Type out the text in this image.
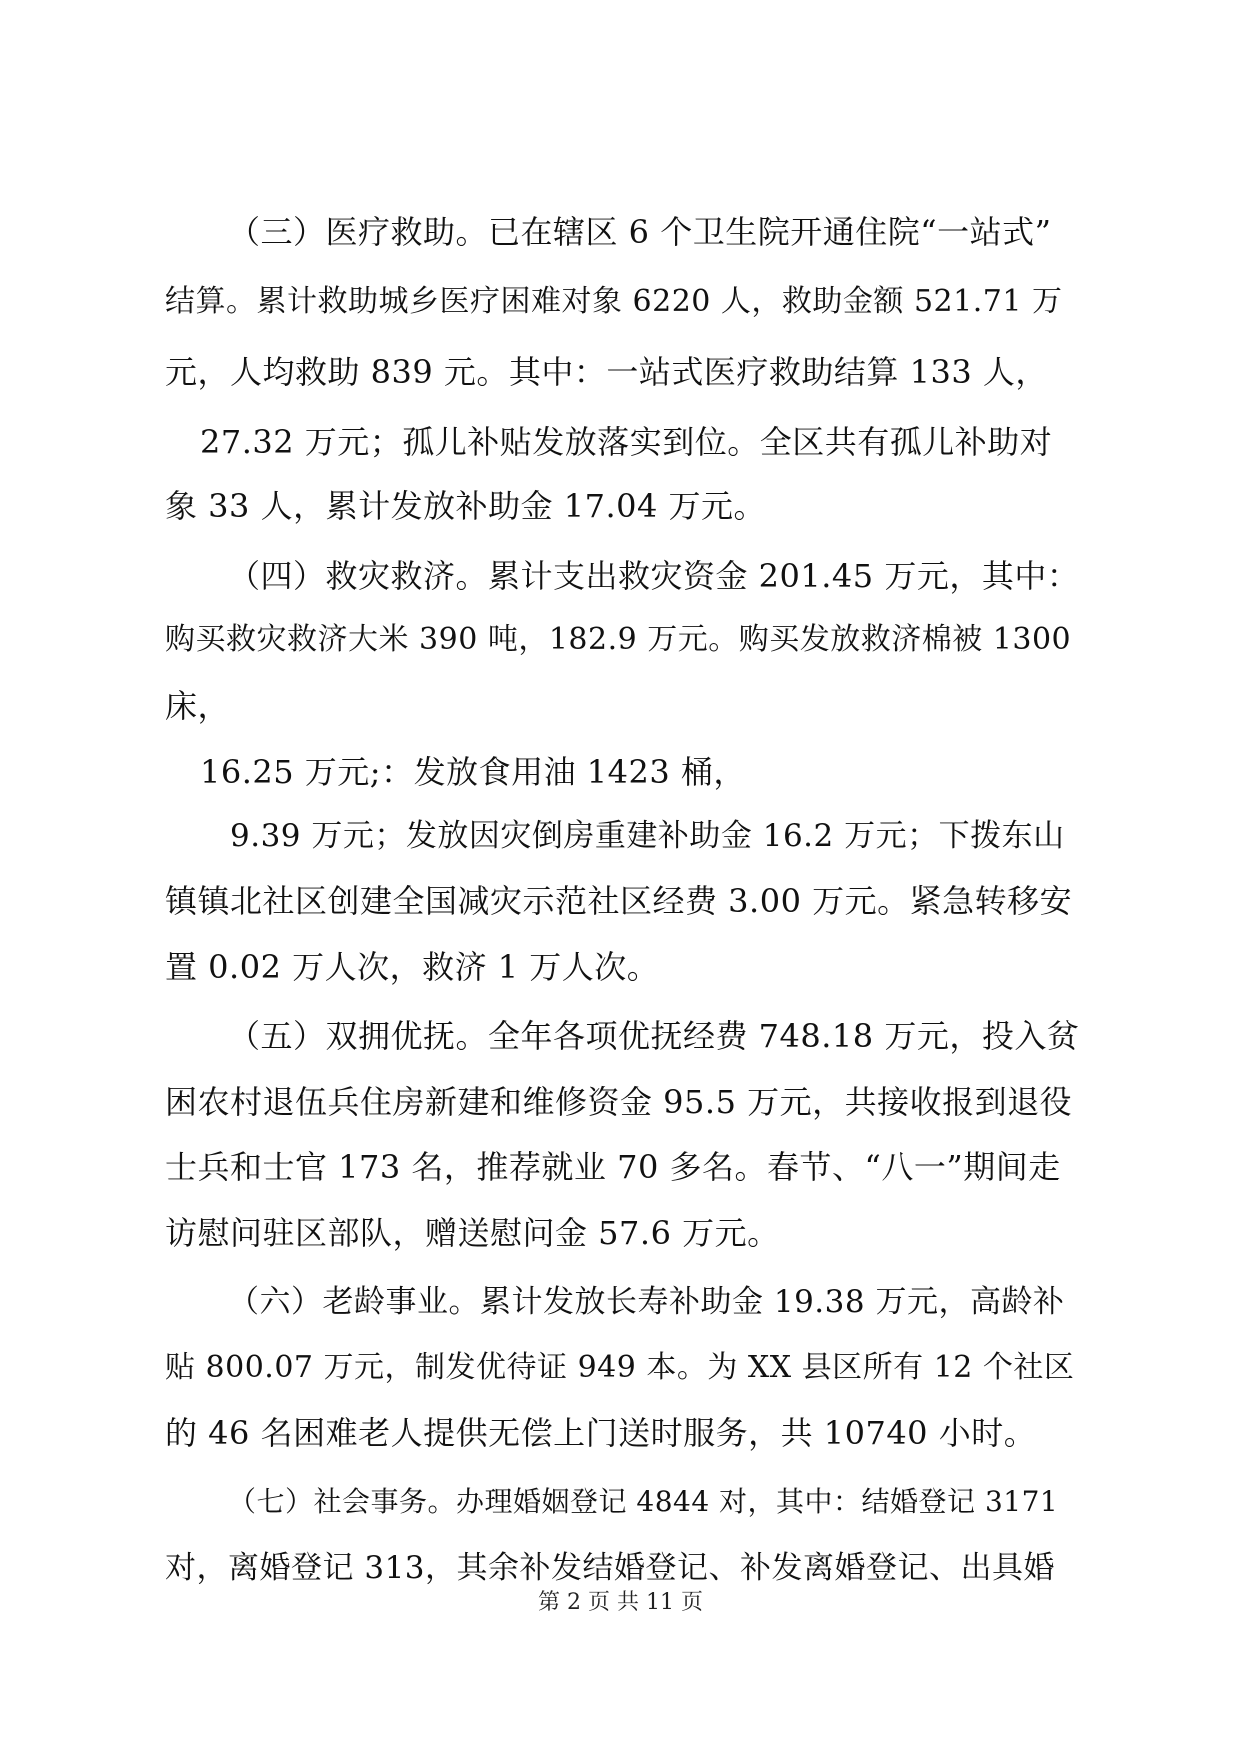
（三）医疗救助。已在辖区 6 个卫生院开通住院“一站式”
结算。累计救助城乡医疗困难对象 6220 人，救助金额 521.71 万
元，人均救助 839 元。其中：一站式医疗救助结算 133 人，
27.32 万元；孤儿补贴发放落实到位。全区共有孤儿补助对
象 33 人，累计发放补助金 17.04 万元。
（四）救灾救济。累计支出救灾资金 201.45 万元，其中：
购买救灾救济大米 390 吨，182.9 万元。购买发放救济棉被 1300
床，
16.25 万元;：发放食用油 1423 桶，
9.39 万元；发放因灾倒房重建补助金 16.2 万元；下拨东山
镇镇北社区创建全国减灾示范社区经费 3.00 万元。紧急转移安
置 0.02 万人次，救济 1 万人次。
（五）双拥优抚。全年各项优抚经费 748.18 万元，投入贫
困农村退伍兵住房新建和维修资金 95.5 万元，共接收报到退役
士兵和士官 173 名，推荐就业 70 多名。春节、“八一”期间走
访慰问驻区部队，赠送慰问金 57.6 万元。
（六）老龄事业。累计发放长寿补助金 19.38 万元，高龄补
贴 800.07 万元，制发优待证 949 本。为 XX 县区所有 12 个社区
的 46 名困难老人提供无偿上门送时服务，共 10740 小时。
（七）社会事务。办理婚姻登记 4844 对，其中：结婚登记 3171
对，离婚登记 313，其余补发结婚登记、补发离婚登记、出具婚
第 2 页 共 11 页
